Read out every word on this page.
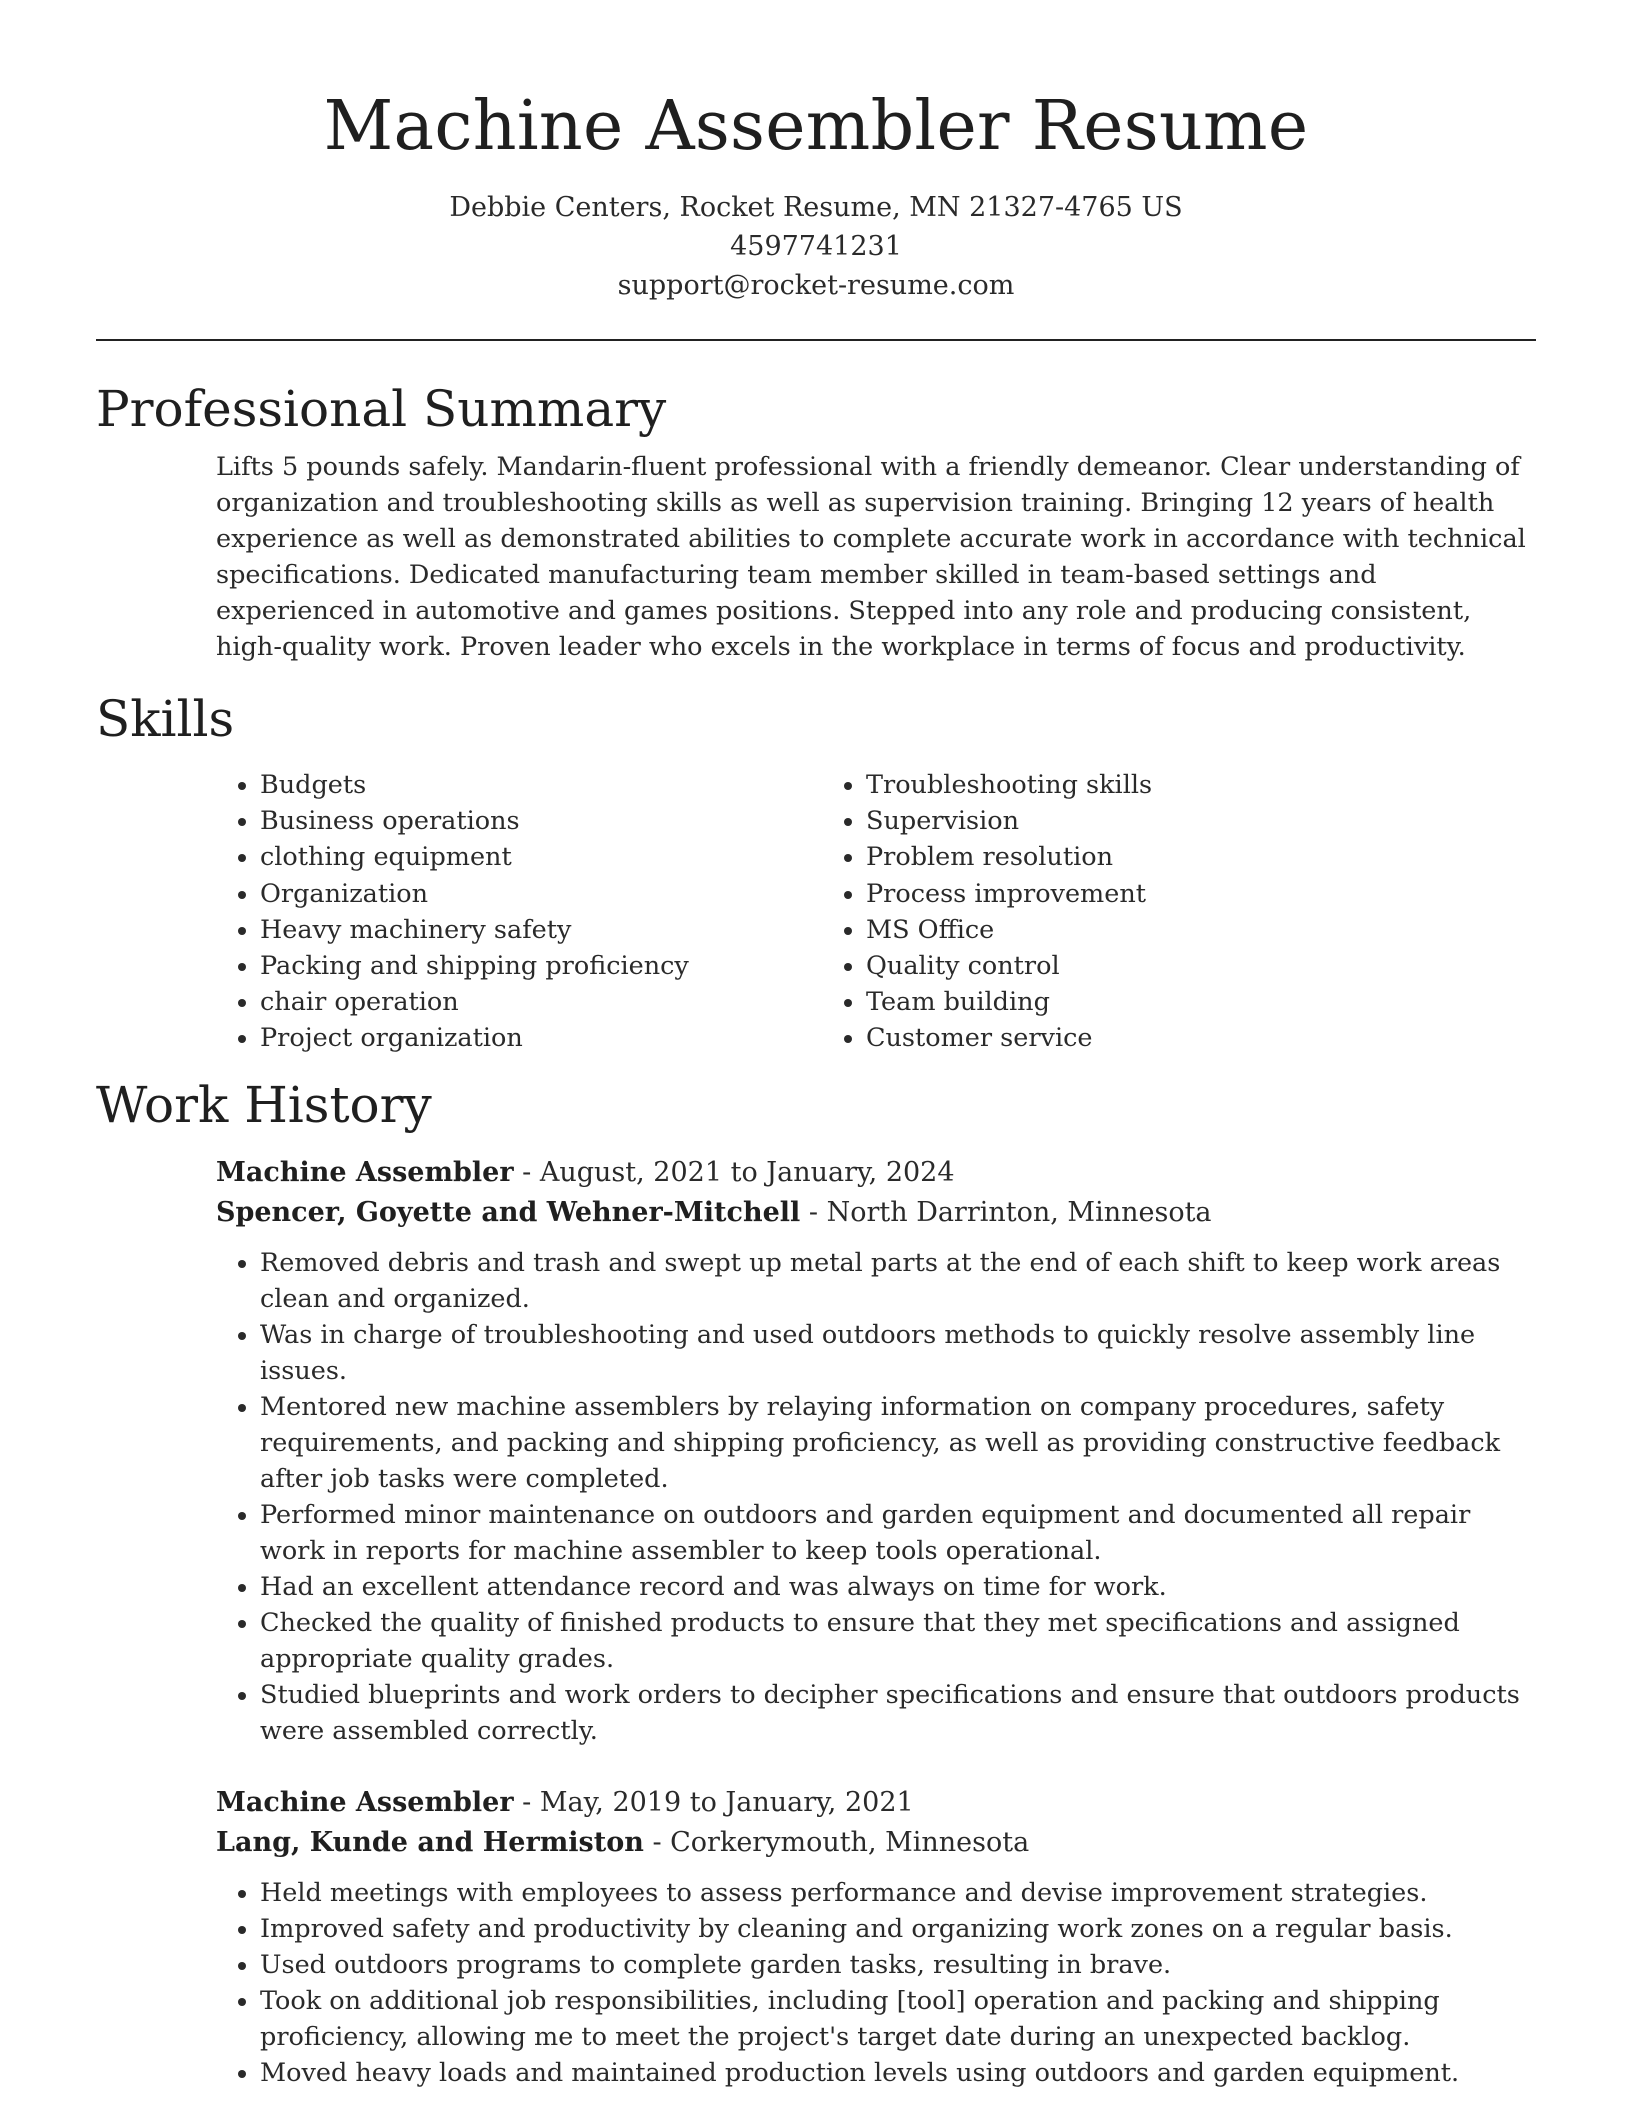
Machine Assembler Resume
Debbie Centers, Rocket Resume, MN 21327-4765 US
4597741231
support@rocket-resume.com
Professional Summary

Lifts 5 pounds safely. Mandarin-fluent professional with a friendly demeanor. Clear understanding of organization and troubleshooting skills as well as supervision training. Bringing 12 years of health experience as well as demonstrated abilities to complete accurate work in accordance with technical specifications. Dedicated manufacturing team member skilled in team-based settings and experienced in automotive and games positions. Stepped into any role and producing consistent, high-quality work. Proven leader who excels in the workplace in terms of focus and productivity.

Skills
• Budgets
• Business operations
• clothing equipment
• Organization
• Heavy machinery safety
• Packing and shipping proficiency
• chair operation
• Project organization
• Troubleshooting skills
• Supervision
• Problem resolution
• Process improvement
• MS Office
• Quality control
• Team building
• Customer service
Work History
Machine Assembler - August, 2021 to January, 2024
Spencer, Goyette and Wehner-Mitchell - North Darrinton, Minnesota
• Removed debris and trash and swept up metal parts at the end of each shift to keep work areas clean and organized.
• Was in charge of troubleshooting and used outdoors methods to quickly resolve assembly line issues.
• Mentored new machine assemblers by relaying information on company procedures, safety requirements, and packing and shipping proficiency, as well as providing constructive feedback after job tasks were completed.
• Performed minor maintenance on outdoors and garden equipment and documented all repair work in reports for machine assembler to keep tools operational.
• Had an excellent attendance record and was always on time for work.
• Checked the quality of finished products to ensure that they met specifications and assigned appropriate quality grades.
• Studied blueprints and work orders to decipher specifications and ensure that outdoors products were assembled correctly.
Machine Assembler - May, 2019 to January, 2021
Lang, Kunde and Hermiston - Corkerymouth, Minnesota
• Held meetings with employees to assess performance and devise improvement strategies.
• Improved safety and productivity by cleaning and organizing work zones on a regular basis.
• Used outdoors programs to complete garden tasks, resulting in brave.
• Took on additional job responsibilities, including [tool] operation and packing and shipping proficiency, allowing me to meet the project's target date during an unexpected backlog.
• Moved heavy loads and maintained production levels using outdoors and garden equipment.
